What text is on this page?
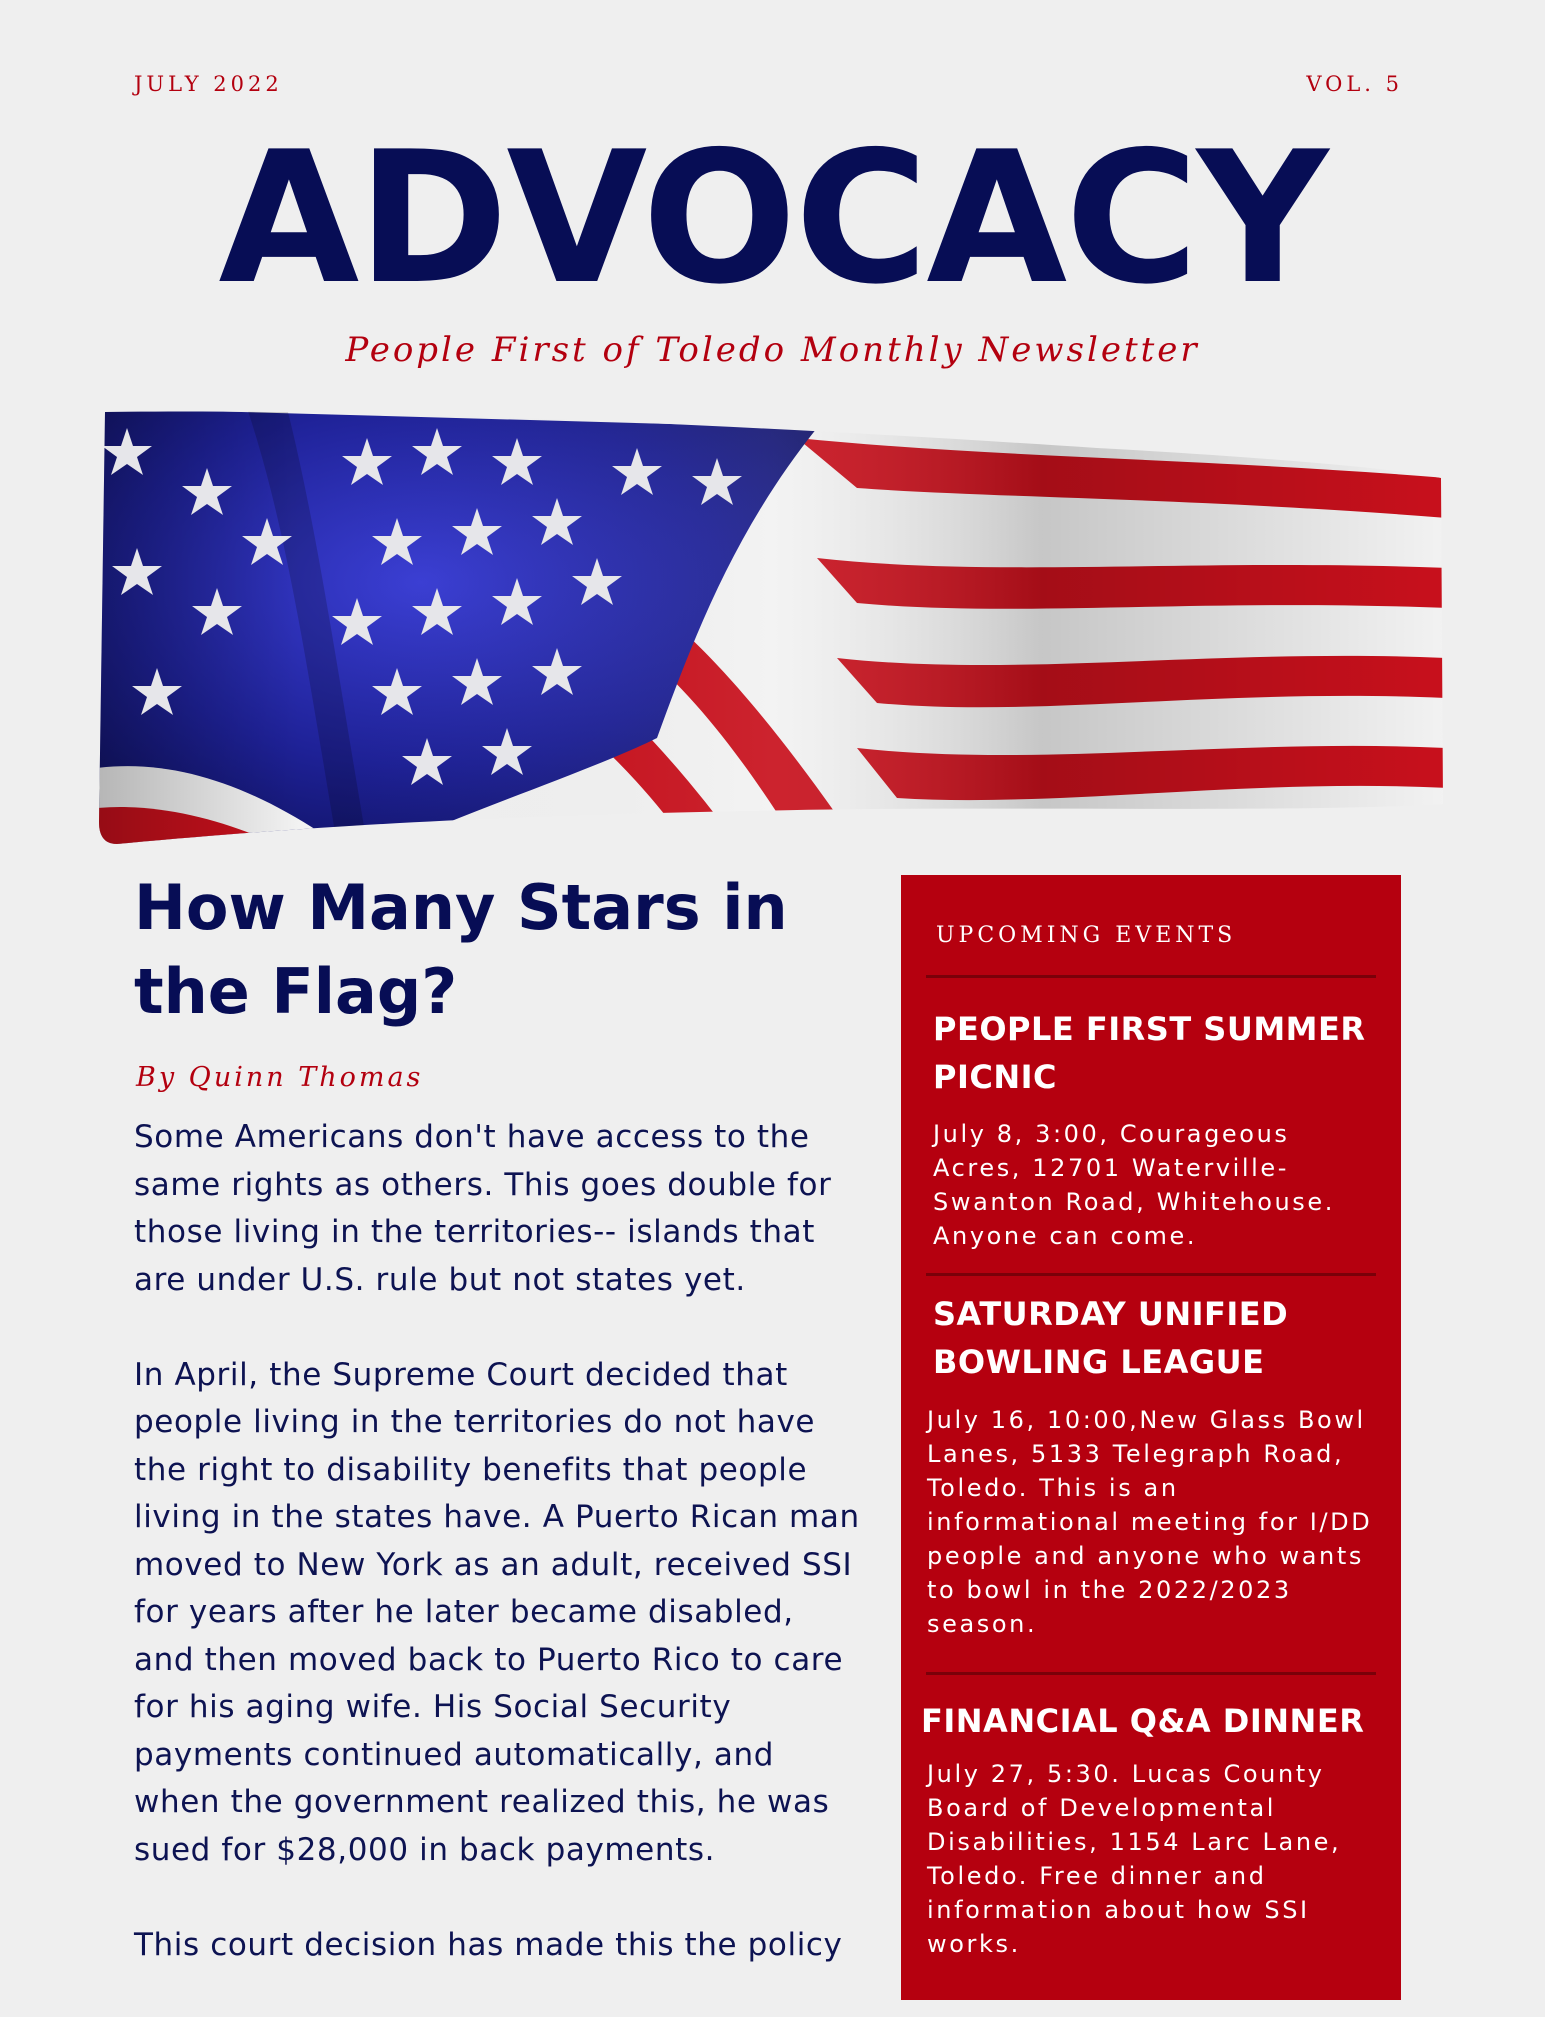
JULY 2022	VOL. 5
ADVOCACY
People First of Toledo Monthly Newsletter
How Many Stars in the Flag?
By Quinn Thomas

Some Americans don't have access to the same rights as others. This goes double for those living in the territories-- islands that are under U.S. rule but not states yet.

In April, the Supreme Court decided that people living in the territories do not have the right to disability benefits that people living in the states have. A Puerto Rican man moved to New York as an adult, received SSI for years after he later became disabled, and then moved back to Puerto Rico to care for his aging wife. His Social Security payments continued automatically, and when the government realized this, he was sued for $28,000 in back payments.

This court decision has made this the policy

UPCOMING EVENTS
PEOPLE FIRST SUMMER PICNIC
July 8, 3:00, Courageous Acres, 12701 Waterville-Swanton Road, Whitehouse. Anyone can come.
SATURDAY UNIFIED BOWLING LEAGUE
July 16, 10:00,New Glass Bowl Lanes, 5133 Telegraph Road, Toledo. This is an informational meeting for I/DD people and anyone who wants to bowl in the 2022/2023 season.
FINANCIAL Q&A DINNER
July 27, 5:30. Lucas County Board of Developmental Disabilities, 1154 Larc Lane, Toledo. Free dinner and information about how SSI works.
